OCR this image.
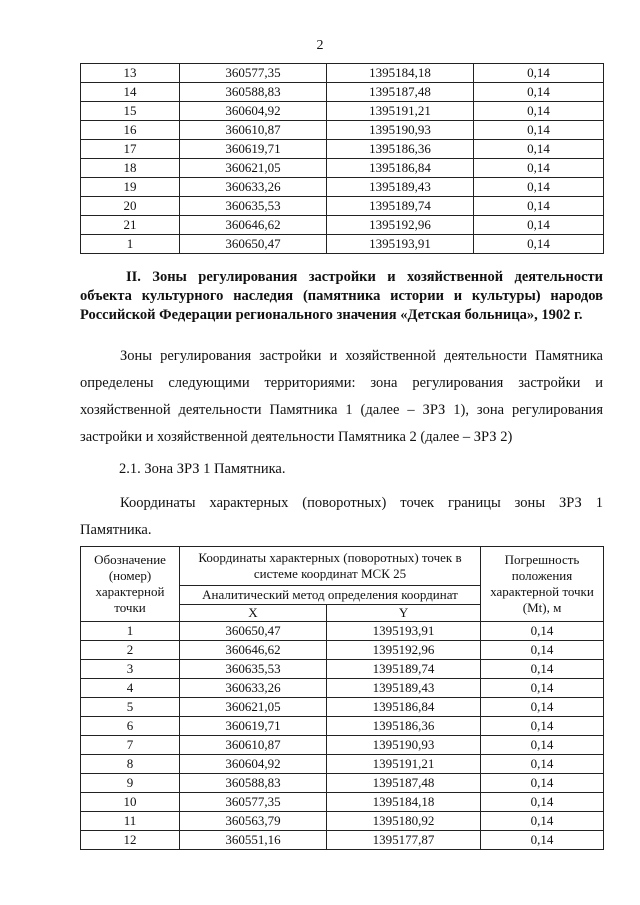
2
13	360577,35	1395184,18	0,14
14	360588,83	1395187,48	0,14
15	360604,92	1395191,21	0,14
16	360610,87	1395190,93	0,14
17	360619,71	1395186,36	0,14
18	360621,05	1395186,84	0,14
19	360633,26	1395189,43	0,14
20	360635,53	1395189,74	0,14
21	360646,62	1395192,96	0,14
1	360650,47	1395193,91	0,14
II. Зоны регулирования застройки и хозяйственной деятельности объекта культурного наследия (памятника истории и культуры) народов Российской Федерации регионального значения «Детская больница», 1902 г.
Зоны регулирования застройки и хозяйственной деятельности Памятника определены следующими территориями: зона регулирования застройки и хозяйственной деятельности Памятника 1 (далее – ЗРЗ 1), зона регулирования застройки и хозяйственной деятельности Памятника 2 (далее – ЗРЗ 2)
2.1. Зона ЗРЗ 1 Памятника.
Координаты характерных (поворотных) точек границы зоны ЗРЗ 1 Памятника.
Обозначение (номер) характерной точки	Координаты характерных (поворотных) точек в системе координат МСК 25		Погрешность положения характерной точки (Mt), м
	Аналитический метод определения координат		
	X	Y	
1	360650,47	1395193,91	0,14
2	360646,62	1395192,96	0,14
3	360635,53	1395189,74	0,14
4	360633,26	1395189,43	0,14
5	360621,05	1395186,84	0,14
6	360619,71	1395186,36	0,14
7	360610,87	1395190,93	0,14
8	360604,92	1395191,21	0,14
9	360588,83	1395187,48	0,14
10	360577,35	1395184,18	0,14
11	360563,79	1395180,92	0,14
12	360551,16	1395177,87	0,14
